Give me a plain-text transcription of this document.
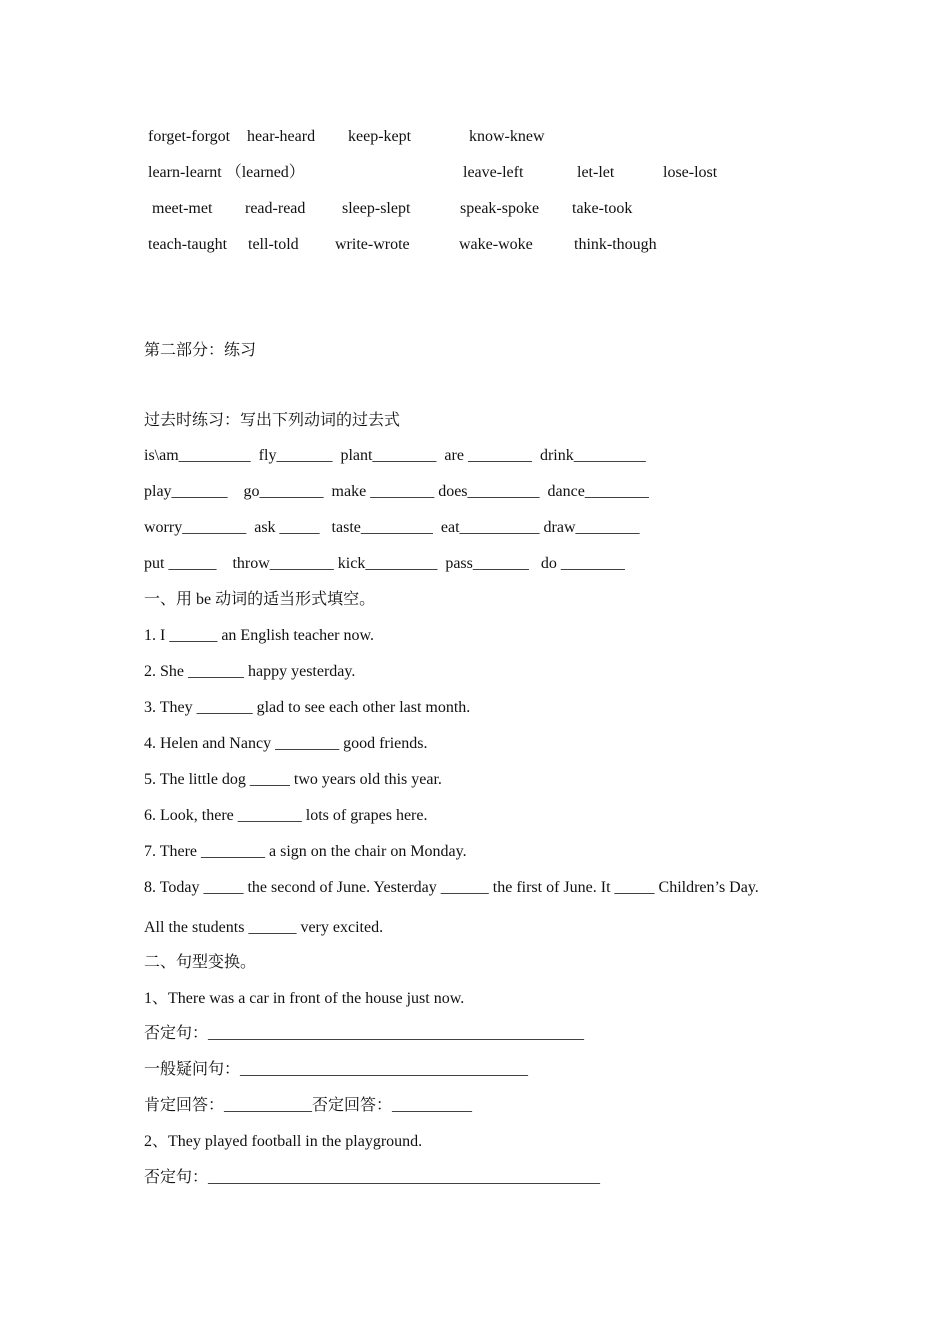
forget-forgot hear-heard keep-kept	know-knew
learn-learnt （learned）	leave-left	let-let	lose-lost
meet-met read-read sleep-slept	speak-spoke take-took
teach-taught tell-told write-wrote	wake-woke	think-though
第二部分：练习
过去时练习：写出下列动词的过去式
is\am_________  fly_______  plant________  are ________  drink_________
play_______    go________  make ________ does_________  dance________
worry________  ask _____   taste_________  eat__________ draw________
put ______    throw________ kick_________  pass_______   do ________
一、用 be 动词的适当形式填空。
1. I ______ an English teacher now.
2. She _______ happy yesterday.
3. They _______ glad to see each other last month.
4. Helen and Nancy ________ good friends.
5. The little dog _____ two years old this year.
6. Look, there ________ lots of grapes here.
7. There ________ a sign on the chair on Monday.
8. Today _____ the second of June. Yesterday ______ the first of June. It _____ Children’s Day.
All the students ______ very excited.
二、句型变换。
1、There was a car in front of the house just now.
否定句：_______________________________________________
一般疑问句：____________________________________
肯定回答：___________否定回答：__________
2、They played football in the playground.
否定句：_________________________________________________
